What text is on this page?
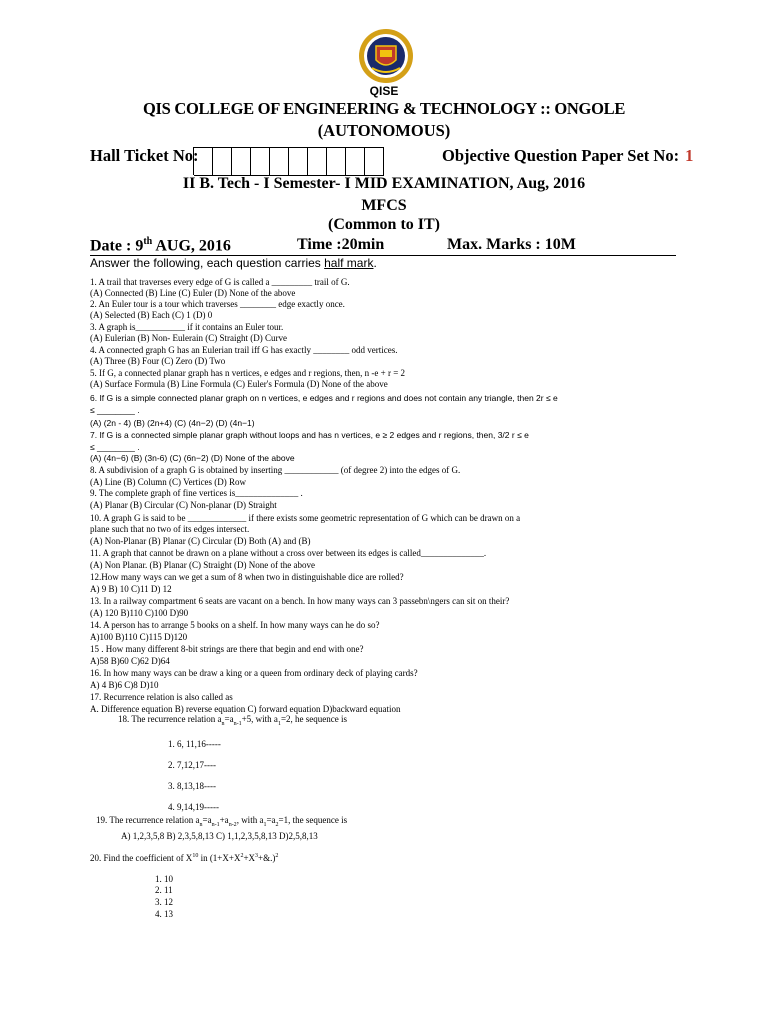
QISE
QIS COLLEGE OF ENGINEERING & TECHNOLOGY :: ONGOLE
(AUTONOMOUS)
Hall Ticket No:	Objective Question Paper Set No: 1
II B. Tech - I Semester- I MID EXAMINATION, Aug, 2016
MFCS
(Common to IT)
Date : 9th AUG, 2016	Time :20min	Max. Marks : 10M
Answer the following, each question carries half mark.
1. A trail that traverses every edge of G is called a _________ trail of G.
(A) Connected (B) Line (C) Euler (D) None of the above
2. An Euler tour is a tour which traverses ________ edge exactly once.
(A) Selected (B) Each (C) 1 (D) 0
3. A graph is___________ if it contains an Euler tour.
(A) Eulerian (B) Non- Eulerain (C) Straight (D) Curve
4. A connected graph G has an Eulerian trail iff G has exactly ________ odd vertices.
(A) Three (B) Four (C) Zero (D) Two
5. If G, a connected planar graph has n vertices, e edges and r regions, then, n -e + r = 2
(A) Surface Formula (B) Line Formula (C) Euler's Formula (D) None of the above
6. If G is a simple connected planar graph on n vertices, e edges and r regions and does not contain any triangle, then 2r ≤ e
≤ ________ .
(A) (2n - 4) (B) (2n+4) (C) (4n−2) (D) (4n−1)
7. If G is a connected simple planar graph without loops and has n vertices, e ≥ 2 edges and r regions, then, 3/2 r ≤ e
≤ ________ .
(A) (4n−6) (B) (3n-6) (C) (6n−2) (D) None of the above
8. A subdivision of a graph G is obtained by inserting ____________ (of degree 2) into the edges of G.
(A) Line (B) Column (C) Vertices (D) Row
9. The complete graph of fine vertices is______________ .
(A) Planar (B) Circular (C) Non-planar (D) Straight
10. A graph G is said to be _____________ if there exists some geometric representation of G which can be drawn on a
plane such that no two of its edges intersect.
(A) Non-Planar (B) Planar (C) Circular (D) Both (A) and (B)
11. A graph that cannot be drawn on a plane without a cross over between its edges is called______________.
(A) Non Planar. (B) Planar (C) Straight (D) None of the above
12.How many ways can we get a sum of 8 when two in distinguishable dice are rolled?
A) 9 B) 10 C)11 D) 12
13. In a railway compartment 6 seats are vacant on a bench. In how many ways can 3 passebn\ngers can sit on their?
(A) 120 B)110 C)100 D)90
14. A person has to arrange 5 books on a shelf. In how many ways can he do so?
A)100 B)110 C)115 D)120
15 . How many different 8-bit strings are there that begin and end with one?
A)58 B)60 C)62 D)64
16. In how many ways can be draw a king or a queen from ordinary deck of playing cards?
A) 4 B)6 C)8 D)10
17. Recurrence relation is also called as
A. Difference equation B) reverse equation C) forward equation D)backward equation
18. The recurrence relation $a_n=a_{n-1}+5$, with $a_1=2$, he sequence is
1. 6, 11,16-----
2. 7,12,17----
3. 8,13,18----
4. 9,14,19-----
19. The recurrence relation $a_n=a_{n-1}+a_{n-2}$, with $a_1=a_2=1$, the sequence is
A) 1,2,3,5,8 B) 2,3,5,8,13 C) 1,1,2,3,5,8,13 D)2,5,8,13
20. Find the coefficient of $X^{10}$ in $(1+X+X^2+X^3+\&.)^2$
1. 10
2. 11
3. 12
4. 13
